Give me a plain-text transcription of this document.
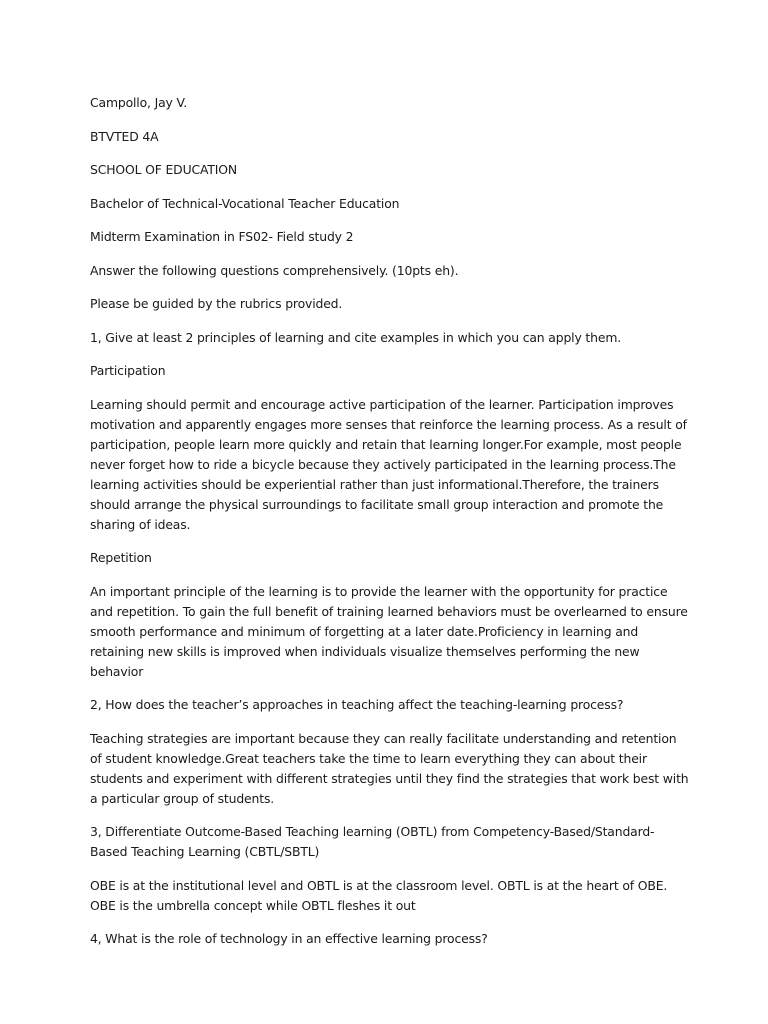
Campollo, Jay V.

BTVTED 4A

SCHOOL OF EDUCATION

Bachelor of Technical-Vocational Teacher Education

Midterm Examination in FS02- Field study 2

Answer the following questions comprehensively. (10pts eh).

Please be guided by the rubrics provided.

1, Give at least 2 principles of learning and cite examples in which you can apply them.

Participation

Learning should permit and encourage active participation of the learner. Participation improves motivation and apparently engages more senses that reinforce the learning process. As a result of participation, people learn more quickly and retain that learning longer.For example, most people never forget how to ride a bicycle because they actively participated in the learning process.The learning activities should be experiential rather than just informational.Therefore, the trainers should arrange the physical surroundings to facilitate small group interaction and promote the sharing of ideas.

Repetition

An important principle of the learning is to provide the learner with the opportunity for practice and repetition. To gain the full benefit of training learned behaviors must be overlearned to ensure smooth performance and minimum of forgetting at a later date.Proficiency in learning and retaining new skills is improved when individuals visualize themselves performing the new behavior

2, How does the teacher’s approaches in teaching affect the teaching-learning process?

Teaching strategies are important because they can really facilitate understanding and retention of student knowledge.Great teachers take the time to learn everything they can about their students and experiment with different strategies until they find the strategies that work best with a particular group of students.

3, Differentiate Outcome-Based Teaching learning (OBTL) from Competency-Based/Standard-Based Teaching Learning (CBTL/SBTL)

OBE is at the institutional level and OBTL is at the classroom level. OBTL is at the heart of OBE. OBE is the umbrella concept while OBTL fleshes it out

4, What is the role of technology in an effective learning process?
